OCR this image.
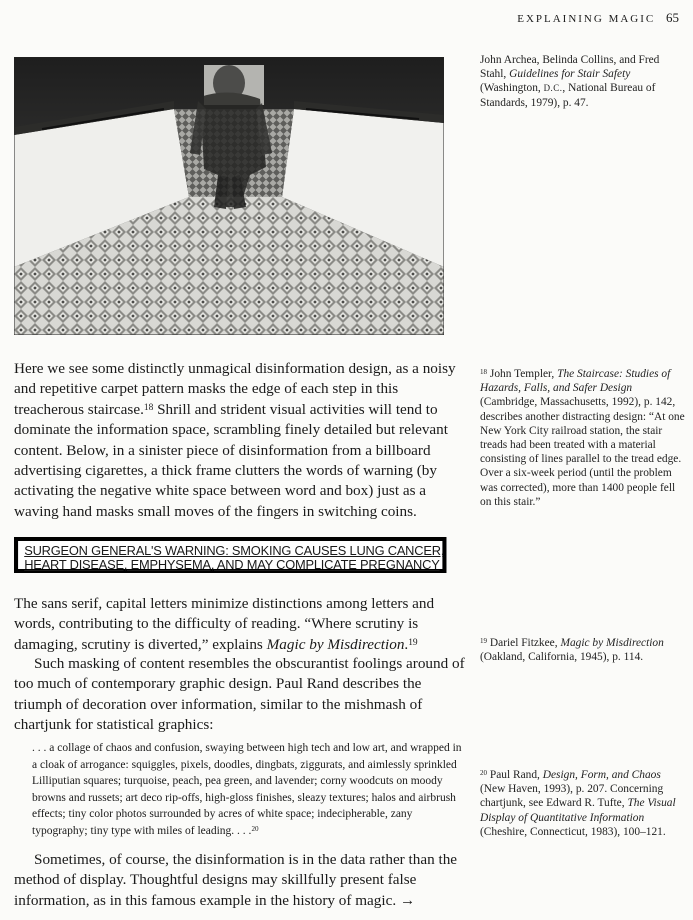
EXPLAINING MAGIC 65
John Archea, Belinda Collins, and Fred Stahl, Guidelines for Stair Safety (Washington, D.C., National Bureau of Standards, 1979), p. 47.
Here we see some distinctly unmagical disinformation design, as a noisy and repetitive carpet pattern masks the edge of each step in this treacherous staircase.$^{18}$ Shrill and strident visual activities will tend to dominate the information space, scrambling finely detailed but relevant content. Below, in a sinister piece of disinformation from a billboard advertising cigarettes, a thick frame clutters the words of warning (by activating the negative white space between word and box) just as a waving hand masks small moves of the fingers in switching coins.
$^{18}$ John Templer, The Staircase: Studies of Hazards, Falls, and Safer Design (Cambridge, Massachusetts, 1992), p. 142, describes another distracting design: “At one New York City railroad station, the stair treads had been treated with a material consisting of lines parallel to the tread edge. Over a six-week period (until the problem was corrected), more than 1400 people fell on this stair.”
SURGEON GENERAL'S WARNING: SMOKING CAUSES LUNG CANCER,
HEART DISEASE, EMPHYSEMA, AND MAY COMPLICATE PREGNANCY
The sans serif, capital letters minimize distinctions among letters and words, contributing to the difficulty of reading. “Where scrutiny is damaging, scrutiny is diverted,” explains Magic by Misdirection.$^{19}$	$^{19}$ Dariel Fitzkee, Magic by Misdirection (Oakland, California, 1945), p. 114.
Such masking of content resembles the obscurantist foolings around of too much of contemporary graphic design. Paul Rand describes the triumph of decoration over information, similar to the mishmash of chartjunk for statistical graphics:
. . . a collage of chaos and confusion, swaying between high tech and low art, and wrapped in a cloak of arrogance: squiggles, pixels, doodles, dingbats, ziggurats, and aimlessly sprinkled Lilliputian squares; turquoise, peach, pea green, and lavender; corny woodcuts on moody browns and russets; art deco rip-offs, high-gloss finishes, sleazy textures; halos and airbrush effects; tiny color photos surrounded by acres of white space; indecipherable, zany typography; tiny type with miles of leading. . . .$^{20}$
$^{20}$ Paul Rand, Design, Form, and Chaos (New Haven, 1993), p. 207. Concerning chartjunk, see Edward R. Tufte, The Visual Display of Quantitative Information (Cheshire, Connecticut, 1983), 100–121.
Sometimes, of course, the disinformation is in the data rather than the method of display. Thoughtful designs may skillfully present false information, as in this famous example in the history of magic. →
